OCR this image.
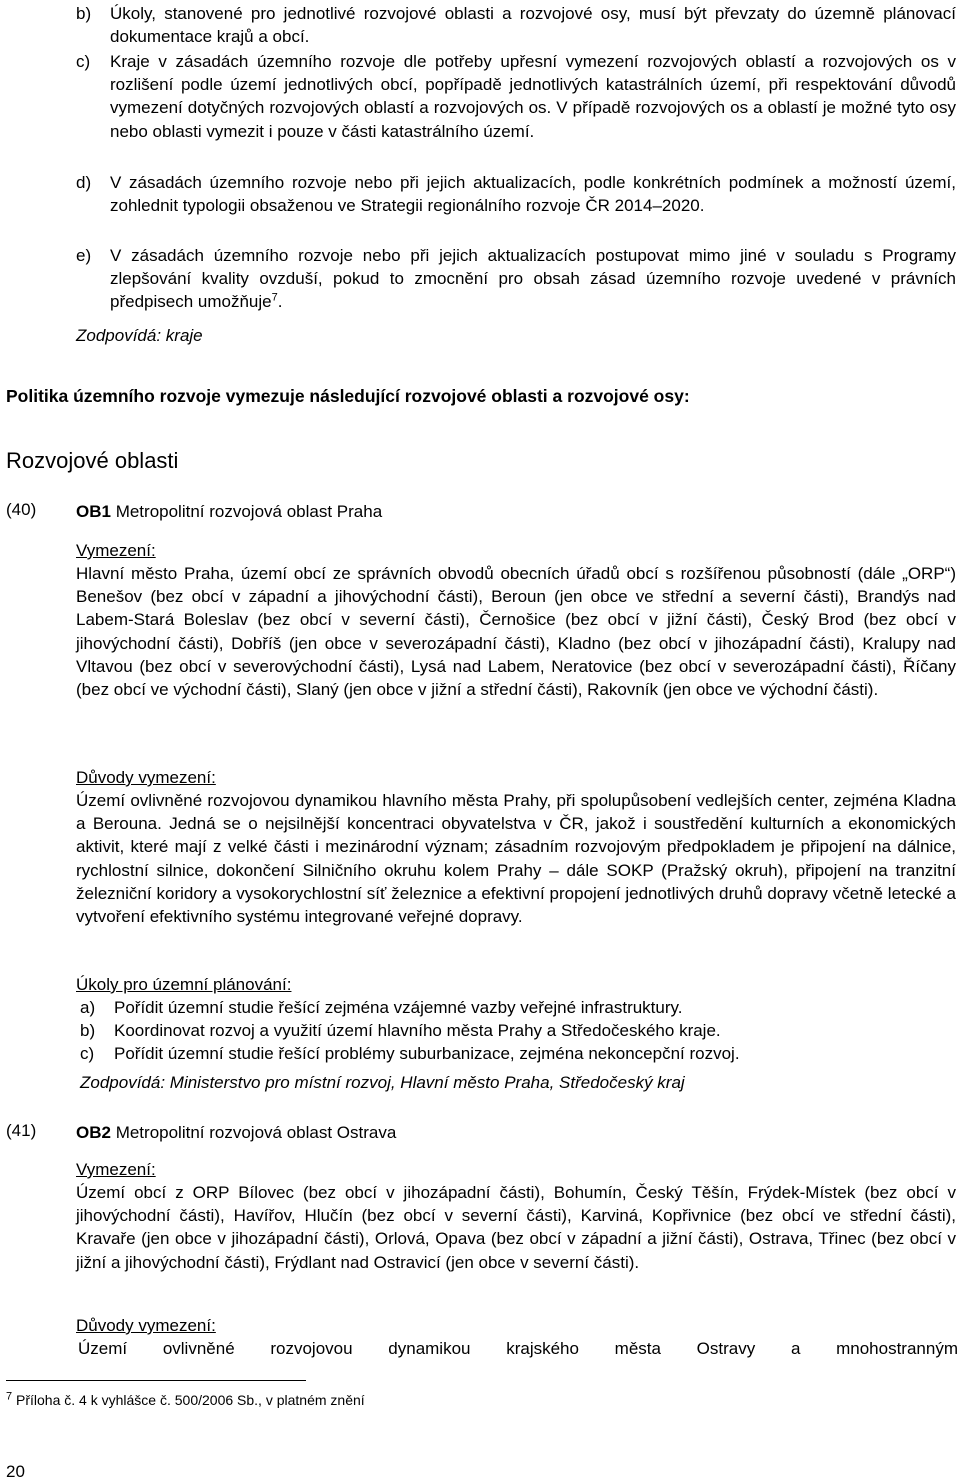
b) Úkoly, stanovené pro jednotlivé rozvojové oblasti a rozvojové osy, musí být převzaty do územně plánovací dokumentace krajů a obcí.
c) Kraje v zásadách územního rozvoje dle potřeby upřesní vymezení rozvojových oblastí a rozvojových os v rozlišení podle území jednotlivých obcí, popřípadě jednotlivých katastrálních území, při respektování důvodů vymezení dotyčných rozvojových oblastí a rozvojových os. V případě rozvojových os a oblastí je možné tyto osy nebo oblasti vymezit i pouze v části katastrálního území.
d) V zásadách územního rozvoje nebo při jejich aktualizacích, podle konkrétních podmínek a možností území, zohlednit typologii obsaženou ve Strategii regionálního rozvoje ČR 2014–2020.
e) V zásadách územního rozvoje nebo při jejich aktualizacích postupovat mimo jiné v souladu s Programy zlepšování kvality ovzduší, pokud to zmocnění pro obsah zásad územního rozvoje uvedené v právních předpisech umožňuje$^7$.
Zodpovídá: kraje
Politika územního rozvoje vymezuje následující rozvojové oblasti a rozvojové osy:
Rozvojové oblasti
(40) OB1 Metropolitní rozvojová oblast Praha
Vymezení:
Hlavní město Praha, území obcí ze správních obvodů obecních úřadů obcí s rozšířenou působností (dále „ORP“) Benešov (bez obcí v západní a jihovýchodní části), Beroun (jen obce ve střední a severní části), Brandýs nad Labem-Stará Boleslav (bez obcí v severní části), Černošice (bez obcí v jižní části), Český Brod (bez obcí v jihovýchodní části), Dobříš (jen obce v severozápadní části), Kladno (bez obcí v jihozápadní části), Kralupy nad Vltavou (bez obcí v severovýchodní části), Lysá nad Labem, Neratovice (bez obcí v severozápadní části), Říčany (bez obcí ve východní části), Slaný (jen obce v jižní a střední části), Rakovník (jen obce ve východní části).
Důvody vymezení:
Území ovlivněné rozvojovou dynamikou hlavního města Prahy, při spolupůsobení vedlejších center, zejména Kladna a Berouna. Jedná se o nejsilnější koncentraci obyvatelstva v ČR, jakož i soustředění kulturních a ekonomických aktivit, které mají z velké části i mezinárodní význam; zásadním rozvojovým předpokladem je připojení na dálnice, rychlostní silnice, dokončení Silničního okruhu kolem Prahy – dále SOKP (Pražský okruh), připojení na tranzitní železniční koridory a vysokorychlostní síť železnice a efektivní propojení jednotlivých druhů dopravy včetně letecké a vytvoření efektivního systému integrované veřejné dopravy.
Úkoly pro územní plánování:
a) Pořídit územní studie řešící zejména vzájemné vazby veřejné infrastruktury.
b) Koordinovat rozvoj a využití území hlavního města Prahy a Středočeského kraje.
c) Pořídit územní studie řešící problémy suburbanizace, zejména nekoncepční rozvoj.
Zodpovídá: Ministerstvo pro místní rozvoj, Hlavní město Praha, Středočeský kraj
(41) OB2 Metropolitní rozvojová oblast Ostrava
Vymezení:
Území obcí z ORP Bílovec (bez obcí v jihozápadní části), Bohumín, Český Těšín, Frýdek-Místek (bez obcí v jihovýchodní části), Havířov, Hlučín (bez obcí v severní části), Karviná, Kopřivnice (bez obcí ve střední části), Kravaře (jen obce v jihozápadní části), Orlová, Opava (bez obcí v západní a jižní části), Ostrava, Třinec (bez obcí v jižní a jihovýchodní části), Frýdlant nad Ostravicí (jen obce v severní části).
Důvody vymezení:
Území ovlivněné rozvojovou dynamikou krajského města Ostravy a mnohostranným
$^7$ Příloha č. 4 k vyhlášce č. 500/2006 Sb., v platném znění
20
